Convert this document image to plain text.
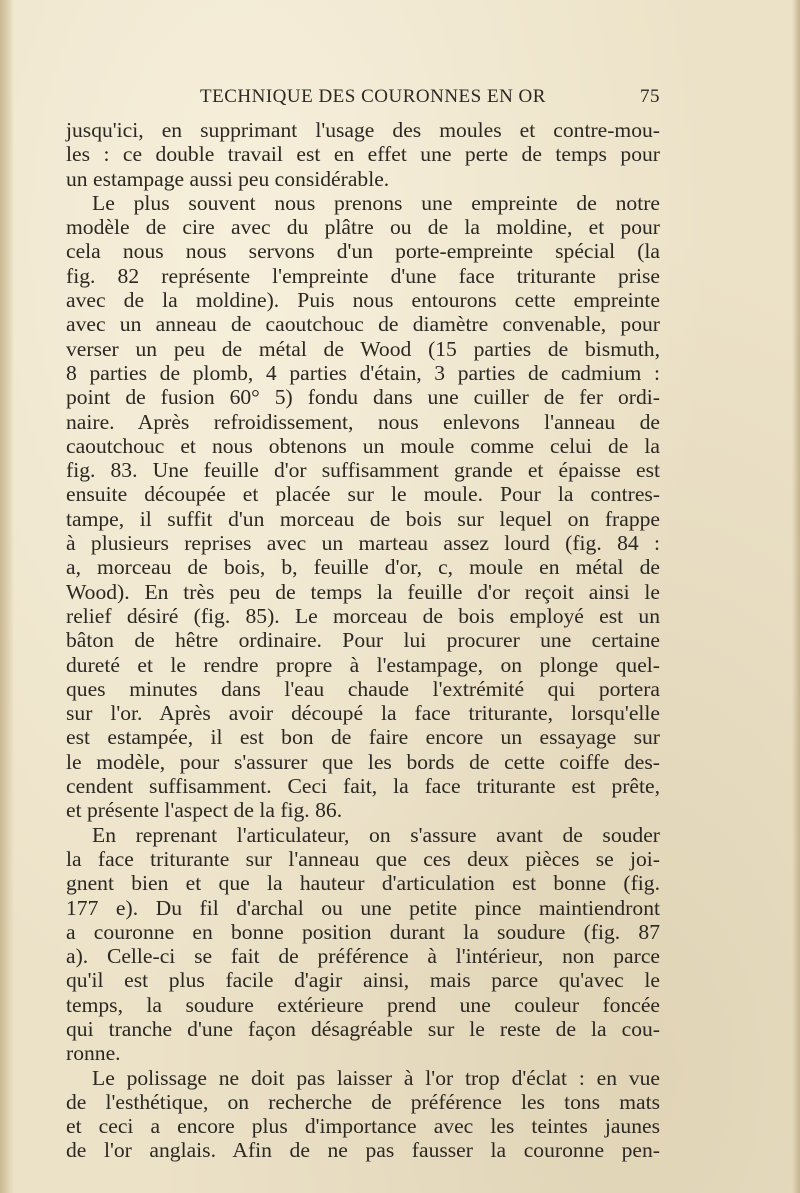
TECHNIQUE DES COURONNES EN OR	75
jusqu'ici, en supprimant l'usage des moules et contre-mou-
les : ce double travail est en effet une perte de temps pour
un estampage aussi peu considérable.
Le plus souvent nous prenons une empreinte de notre
modèle de cire avec du plâtre ou de la moldine, et pour
cela nous nous servons d'un porte-empreinte spécial (la
fig. 82 représente l'empreinte d'une face triturante prise
avec de la moldine). Puis nous entourons cette empreinte
avec un anneau de caoutchouc de diamètre convenable, pour
verser un peu de métal de Wood (15 parties de bismuth,
8 parties de plomb, 4 parties d'étain, 3 parties de cadmium :
point de fusion 60° 5) fondu dans une cuiller de fer ordi-
naire. Après refroidissement, nous enlevons l'anneau de
caoutchouc et nous obtenons un moule comme celui de la
fig. 83. Une feuille d'or suffisamment grande et épaisse est
ensuite découpée et placée sur le moule. Pour la contres-
tampe, il suffit d'un morceau de bois sur lequel on frappe
à plusieurs reprises avec un marteau assez lourd (fig. 84 :
a, morceau de bois, b, feuille d'or, c, moule en métal de
Wood). En très peu de temps la feuille d'or reçoit ainsi le
relief désiré (fig. 85). Le morceau de bois employé est un
bâton de hêtre ordinaire. Pour lui procurer une certaine
dureté et le rendre propre à l'estampage, on plonge quel-
ques minutes dans l'eau chaude l'extrémité qui portera
sur l'or. Après avoir découpé la face triturante, lorsqu'elle
est estampée, il est bon de faire encore un essayage sur
le modèle, pour s'assurer que les bords de cette coiffe des-
cendent suffisamment. Ceci fait, la face triturante est prête,
et présente l'aspect de la fig. 86.
En reprenant l'articulateur, on s'assure avant de souder
la face triturante sur l'anneau que ces deux pièces se joi-
gnent bien et que la hauteur d'articulation est bonne (fig.
177 e). Du fil d'archal ou une petite pince maintiendront
a couronne en bonne position durant la soudure (fig. 87
a). Celle-ci se fait de préférence à l'intérieur, non parce
qu'il est plus facile d'agir ainsi, mais parce qu'avec le
temps, la soudure extérieure prend une couleur foncée
qui tranche d'une façon désagréable sur le reste de la cou-
ronne.
Le polissage ne doit pas laisser à l'or trop d'éclat : en vue
de l'esthétique, on recherche de préférence les tons mats
et ceci a encore plus d'importance avec les teintes jaunes
de l'or anglais. Afin de ne pas fausser la couronne pen-
